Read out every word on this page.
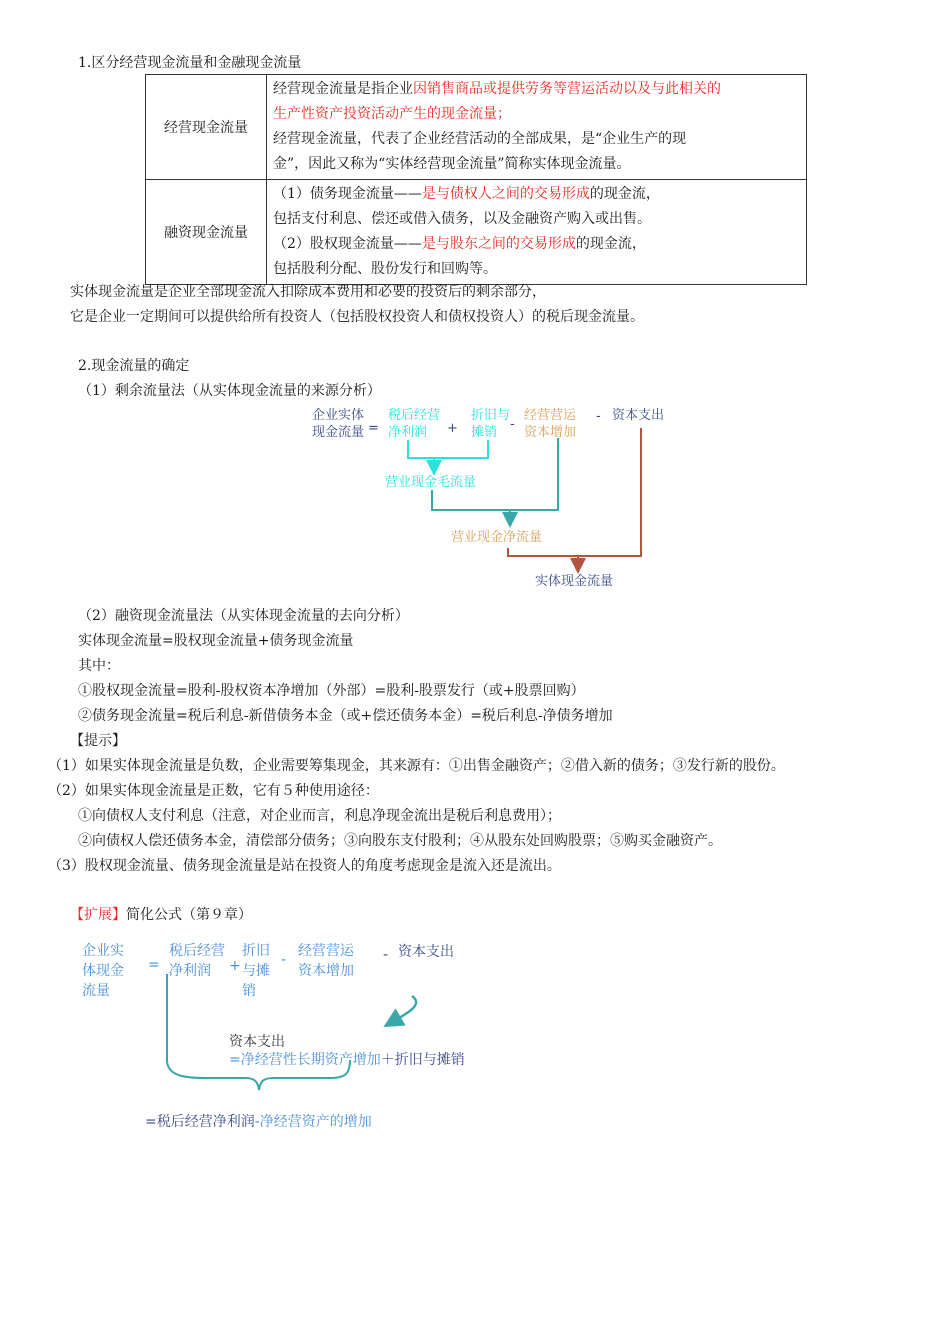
1.区分经营现金流量和金融现金流量
经营现金流量	经营现金流量是指企业因销售商品或提供劳务等营运活动以及与此相关的
生产性资产投资活动产生的现金流量；
经营现金流量，代表了企业经营活动的全部成果，是“企业生产的现
金”，因此又称为“实体经营现金流量”简称实体现金流量。

融资现金流量	（1）债务现金流量——是与债权人之间的交易形成的现金流，
包括支付利息、偿还或借入债务，以及金融资产购入或出售。
（2）股权现金流量——是与股东之间的交易形成的现金流，
包括股利分配、股份发行和回购等。
实体现金流量是企业全部现金流入扣除成本费用和必要的投资后的剩余部分，
它是企业一定期间可以提供给所有投资人（包括股权投资人和债权投资人）的税后现金流量。
2.现金流量的确定
（1）剩余流量法（从实体现金流量的来源分析）
企业实体
现金流量 =
税后经营
净利润	+
折旧与
摊销
-
经营营运
资本增加
- 资本支出
营业现金毛流量
营业现金净流量
实体现金流量
（2）融资现金流量法（从实体现金流量的去向分析）
实体现金流量=股权现金流量+债务现金流量
其中：
①股权现金流量=股利-股权资本净增加（外部）=股利-股票发行（或+股票回购）
②债务现金流量=税后利息-新借债务本金（或+偿还债务本金）=税后利息-净债务增加
【提示】
（1）如果实体现金流量是负数，企业需要筹集现金，其来源有：①出售金融资产；②借入新的债务；③发行新的股份。
（2）如果实体现金流量是正数，它有５种使用途径：
①向债权人支付利息（注意，对企业而言，利息净现金流出是税后利息费用）；
②向债权人偿还债务本金，清偿部分债务；③向股东支付股利；④从股东处回购股票；⑤购买金融资产。
（3）股权现金流量、债务现金流量是站在投资人的角度考虑现金是流入还是流出。
【扩展】简化公式（第９章）
企业实
体现金
流量
=
税后经营
净利润	+
折旧
与摊
销
-
经营营运
资本增加
- 资本支出
资本支出
=净经营性长期资产增加＋折旧与摊销
=税后经营净利润-净经营资产的增加
